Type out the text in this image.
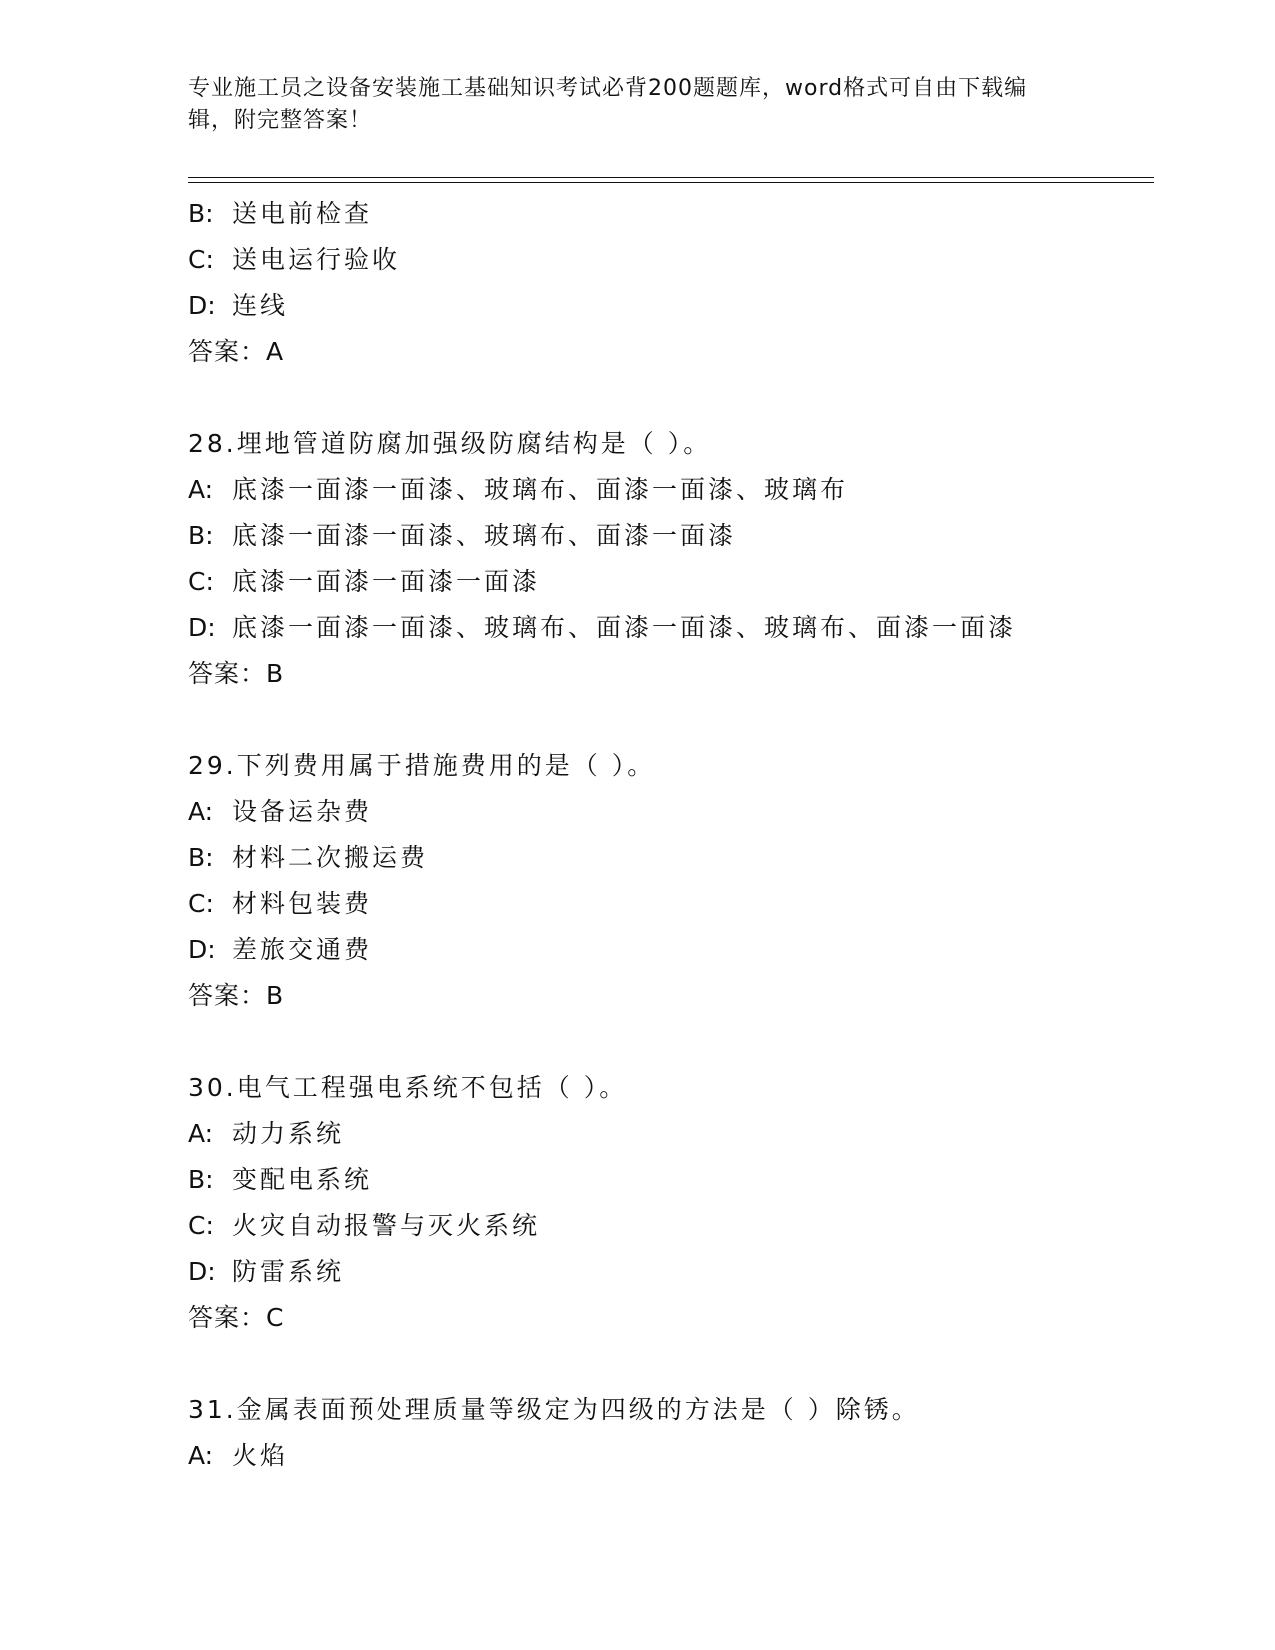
专业施工员之设备安装施工基础知识考试必背200题题库，word格式可自由下载编辑，附完整答案！
B: 送电前检查
C: 送电运行验收
D: 连线
答案：A
28.埋地管道防腐加强级防腐结构是（ ）。
A: 底漆一面漆一面漆、玻璃布、面漆一面漆、玻璃布
B: 底漆一面漆一面漆、玻璃布、面漆一面漆
C: 底漆一面漆一面漆一面漆
D: 底漆一面漆一面漆、玻璃布、面漆一面漆、玻璃布、面漆一面漆
答案：B
29.下列费用属于措施费用的是（ ）。
A: 设备运杂费
B: 材料二次搬运费
C: 材料包装费
D: 差旅交通费
答案：B
30.电气工程强电系统不包括（ ）。
A: 动力系统
B: 变配电系统
C: 火灾自动报警与灭火系统
D: 防雷系统
答案：C
31.金属表面预处理质量等级定为四级的方法是（ ）除锈。
A: 火焰
